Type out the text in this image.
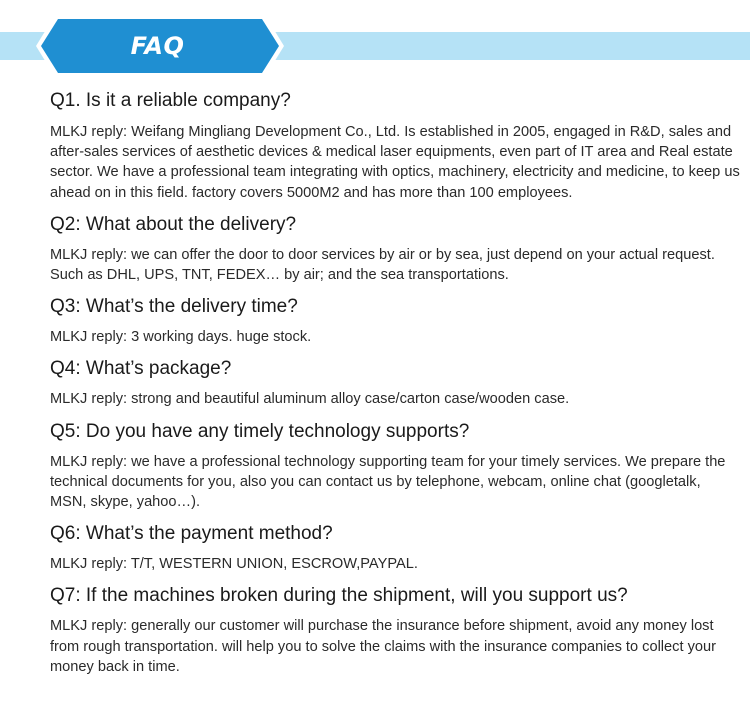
FAQ
Q1. Is it a reliable company?
MLKJ reply: Weifang Mingliang Development Co., Ltd. Is established in 2005, engaged in R&D, sales and after-sales services of aesthetic devices & medical laser equipments, even part of IT area and Real estate sector. We have a professional team integrating with optics, machinery, electricity and medicine, to keep us ahead on in this field. factory covers 5000M2 and has more than 100 employees.
Q2: What about the delivery?
MLKJ reply: we can offer the door to door services by air or by sea, just depend on your actual request. Such as DHL, UPS, TNT, FEDEX… by air; and the sea transportations.
Q3: What’s the delivery time?
MLKJ reply: 3 working days. huge stock.
Q4: What’s package?
MLKJ reply: strong and beautiful aluminum alloy case/carton case/wooden case.
Q5: Do you have any timely technology supports?
MLKJ reply: we have a professional technology supporting team for your timely services. We prepare the technical documents for you, also you can contact us by telephone, webcam, online chat (googletalk, MSN, skype, yahoo…).
Q6: What’s the payment method?
MLKJ reply: T/T, WESTERN UNION, ESCROW,PAYPAL.
Q7: If the machines broken during the shipment, will you support us?
MLKJ reply: generally our customer will purchase the insurance before shipment, avoid any money lost from rough transportation. will help you to solve the claims with the insurance companies to collect your money back in time.
